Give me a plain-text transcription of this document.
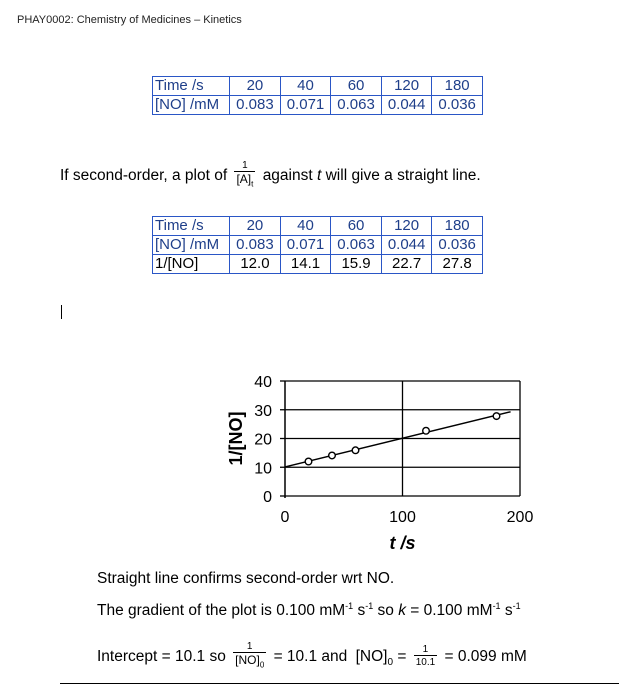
PHAY0002: Chemistry of Medicines – Kinetics
Time /s	20	40	60	120	180
[NO] /mM	0.083	0.071	0.063	0.044	0.036
If second-order, a plot of $\frac{1}{[A]_t}$ against t will give a straight line.
Time /s	20	40	60	120	180
[NO] /mM	0.083	0.071	0.063	0.044	0.036
1/[NO]	12.0	14.1	15.9	22.7	27.8
0
10
20
30
40
0	100	200
t /s
1/[NO]
Straight line confirms second-order wrt NO.
The gradient of the plot is 0.100 $mM^{-1}$ $s^{-1}$ so k = 0.100 $mM^{-1}$ $s^{-1}$
Intercept = 10.1 so $\frac{1}{[NO]_0} = 10.1$ and $[NO]_0 = \frac{1}{10.1} = 0.099$ mM
